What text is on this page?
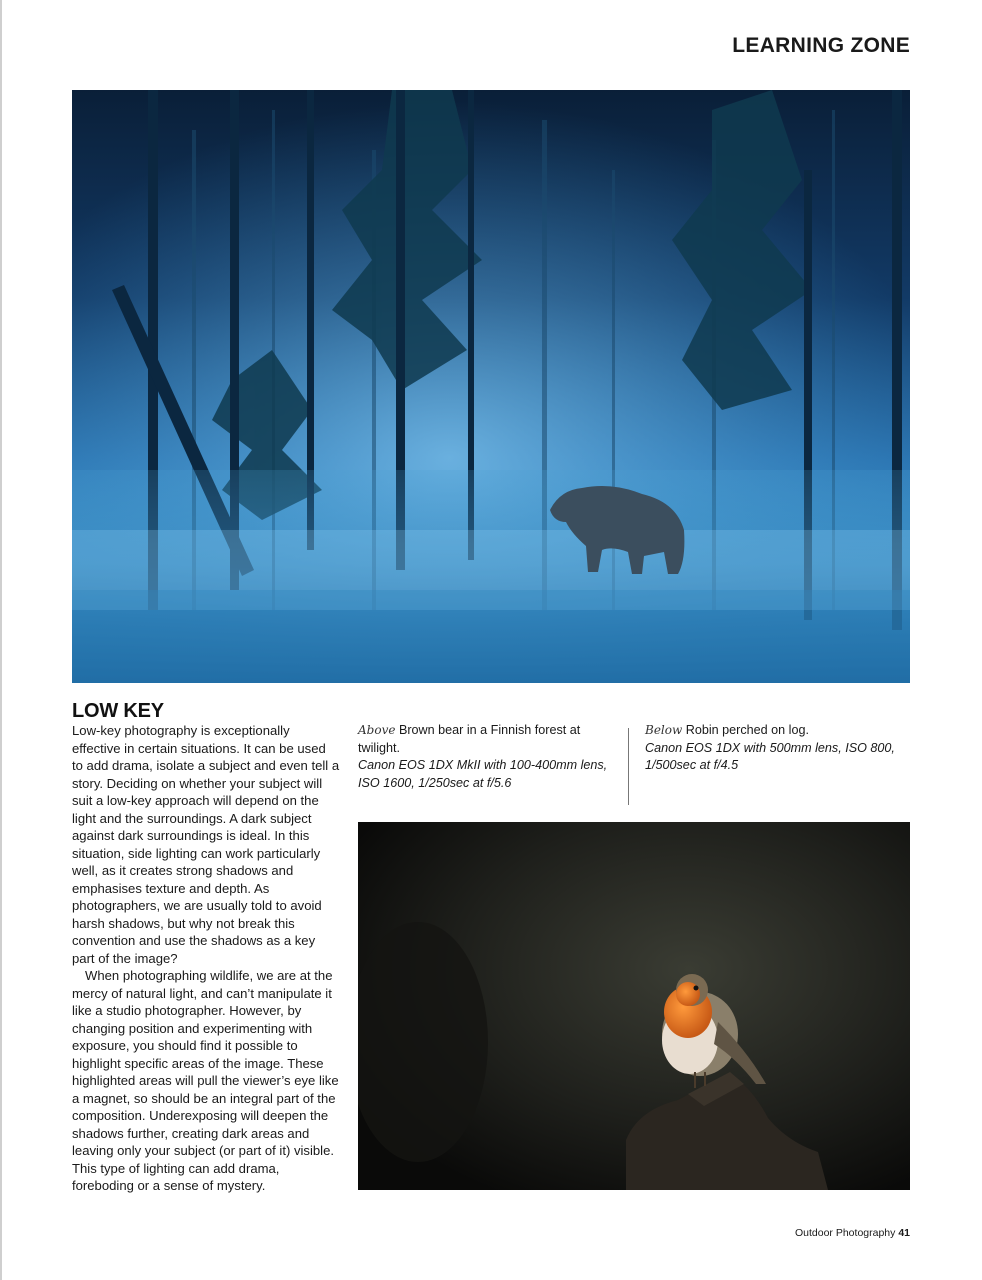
LEARNING ZONE
LOW KEY

Low-key photography is exceptionally effective in certain situations. It can be used to add drama, isolate a subject and even tell a story. Deciding on whether your subject will suit a low-key approach will depend on the light and the surroundings. A dark subject against dark surroundings is ideal. In this situation, side lighting can work particularly well, as it creates strong shadows and emphasises texture and depth. As photographers, we are usually told to avoid harsh shadows, but why not break this convention and use the shadows as a key part of the image?

When photographing wildlife, we are at the mercy of natural light, and can’t manipulate it like a studio photographer. However, by changing position and experimenting with exposure, you should find it possible to highlight specific areas of the image. These highlighted areas will pull the viewer’s eye like a magnet, so should be an integral part of the composition. Underexposing will deepen the shadows further, creating dark areas and leaving only your subject (or part of it) visible. This type of lighting can add drama, foreboding or a sense of mystery.

Above Brown bear in a Finnish forest at twilight.
Canon EOS 1DX MkII with 100-400mm lens, ISO 1600, 1/250sec at f/5.6
Below Robin perched on log.
Canon EOS 1DX with 500mm lens, ISO 800, 1/500sec at f/4.5
Outdoor Photography 41
